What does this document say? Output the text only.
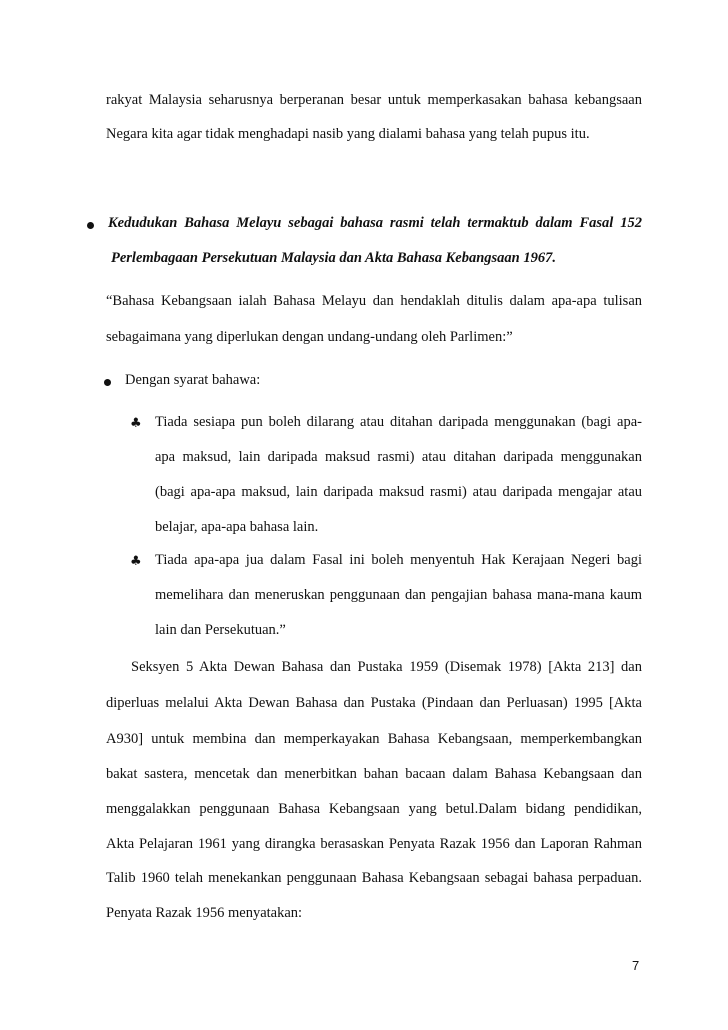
rakyat Malaysia seharusnya berperanan besar untuk memperkasakan bahasa kebangsaan
Negara kita agar tidak menghadapi nasib yang dialami bahasa yang telah pupus itu.
Kedudukan Bahasa Melayu sebagai bahasa rasmi telah termaktub dalam Fasal 152
Perlembagaan Persekutuan Malaysia dan Akta Bahasa Kebangsaan 1967.
“Bahasa Kebangsaan ialah Bahasa Melayu dan hendaklah ditulis dalam apa-apa tulisan
sebagaimana yang diperlukan dengan undang-undang oleh Parlimen:”
Dengan syarat bahawa:
♣ Tiada sesiapa pun boleh dilarang atau ditahan daripada menggunakan (bagi apa-
apa maksud, lain daripada maksud rasmi) atau ditahan daripada menggunakan
(bagi apa-apa maksud, lain daripada maksud rasmi) atau daripada mengajar atau
belajar, apa-apa bahasa lain.
♣ Tiada apa-apa jua dalam Fasal ini boleh menyentuh Hak Kerajaan Negeri bagi
memelihara dan meneruskan penggunaan dan pengajian bahasa mana-mana kaum
lain dan Persekutuan.”
Seksyen 5 Akta Dewan Bahasa dan Pustaka 1959 (Disemak 1978) [Akta 213] dan
diperluas melalui Akta Dewan Bahasa dan Pustaka (Pindaan dan Perluasan) 1995 [Akta
A930] untuk membina dan memperkayakan Bahasa Kebangsaan, memperkembangkan
bakat sastera, mencetak dan menerbitkan bahan bacaan dalam Bahasa Kebangsaan dan
menggalakkan penggunaan Bahasa Kebangsaan yang betul.Dalam bidang pendidikan,
Akta Pelajaran 1961 yang dirangka berasaskan Penyata Razak 1956 dan Laporan Rahman
Talib 1960 telah menekankan penggunaan Bahasa Kebangsaan sebagai bahasa perpaduan.
Penyata Razak 1956 menyatakan:
7
